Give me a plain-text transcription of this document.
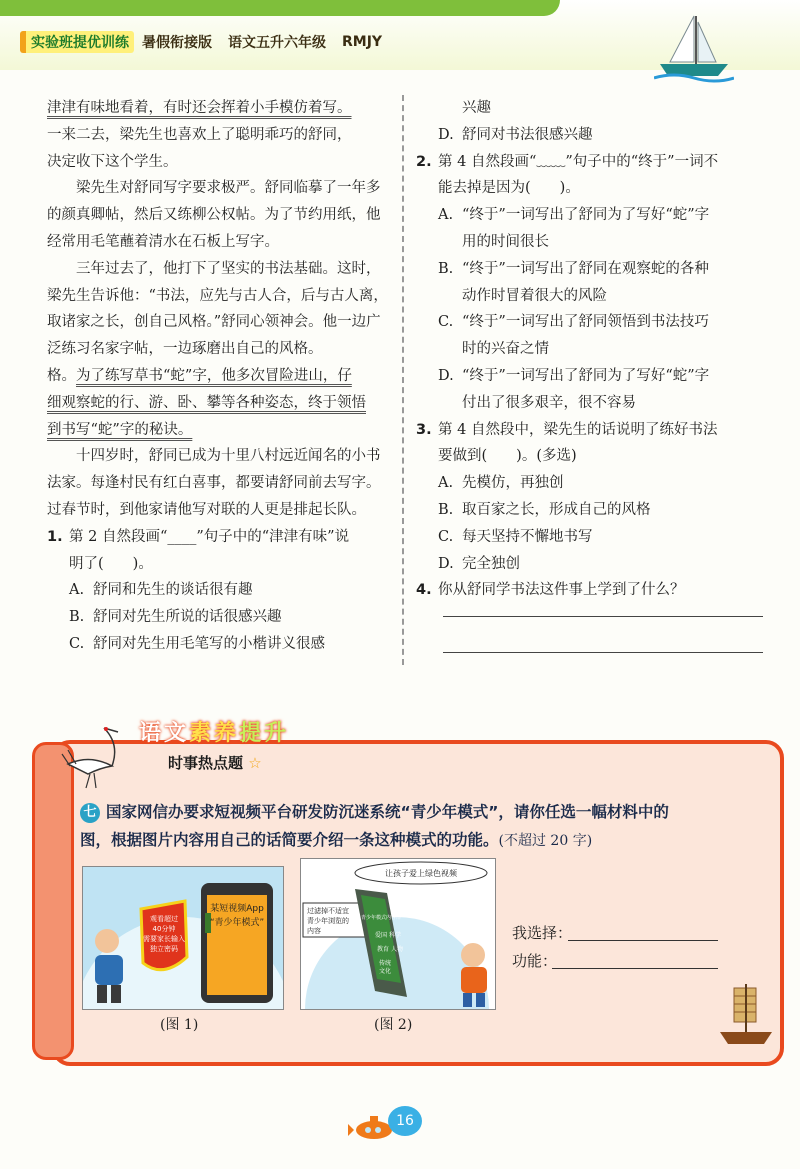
实验班提优训练 暑假衔接版 语文五升六年级 RMJY

津津有味地看着，有时还会挥着小手模仿着写。

一来二去，梁先生也喜欢上了聪明乖巧的舒同，

决定收下这个学生。

梁先生对舒同写字要求极严。舒同临摹了一年多的颜真卿帖，然后又练柳公权帖。为了节约用纸，他经常用毛笔蘸着清水在石板上写字。

三年过去了，他打下了坚实的书法基础。这时，梁先生告诉他：“书法，应先与古人合，后与古人离，取诸家之长，创自己风格。”舒同心领神会。他一边广泛练习名家字帖，一边琢磨出自己的风格。

格。为了练写草书“蛇”字，他多次冒险进山，仔

细观察蛇的行、游、卧、攀等各种姿态，终于领悟

到书写“蛇”字的秘诀。

十四岁时，舒同已成为十里八村远近闻名的小书法家。每逢村民有红白喜事，都要请舒同前去写字。过春节时，到他家请他写对联的人更是排起长队。

1. 第 2 自然段画“____”句子中的“津津有味”说

明了(　　)。

A. 舒同和先生的谈话很有趣
B. 舒同对先生所说的话很感兴趣
C. 舒同对先生用毛笔写的小楷讲义很感

兴趣

D. 舒同对书法很感兴趣
2. 第 4 自然段画“﹏﹏”句子中的“终于”一词不

能去掉是因为(　　)。

A. “终于”一词写出了舒同为了写好“蛇”字

用的时间很长

B. “终于”一词写出了舒同在观察蛇的各种

动作时冒着很大的风险

C. “终于”一词写出了舒同领悟到书法技巧

时的兴奋之情

D. “终于”一词写出了舒同为了写好“蛇”字

付出了很多艰辛，很不容易

3. 第 4 自然段中，梁先生的话说明了练好书法

要做到(　　)。(多选)

A. 先模仿，再独创
B. 取百家之长，形成自己的风格
C. 每天坚持不懈地书写
D. 完全独创
4. 你从舒同学书法这件事上学到了什么？
语文素养提升
时事热点题 ☆
七 国家网信办要求短视频平台研发防沉迷系统“青少年模式”，请你任选一幅材料中的
图，根据图片内容用自己的话简要介绍一条这种模式的功能。(不超过 20 字)
某短视频App
“青少年模式”
观看超过
40分钟
需要家长输入
独立密码
(图 1)
让孩子爱上绿色视频
过滤掉不适宜
青少年浏览的
内容
青少年模式内容库
爱国 科学
教育 人物
传统
文化
(图 2)
我选择：
功能：
16
